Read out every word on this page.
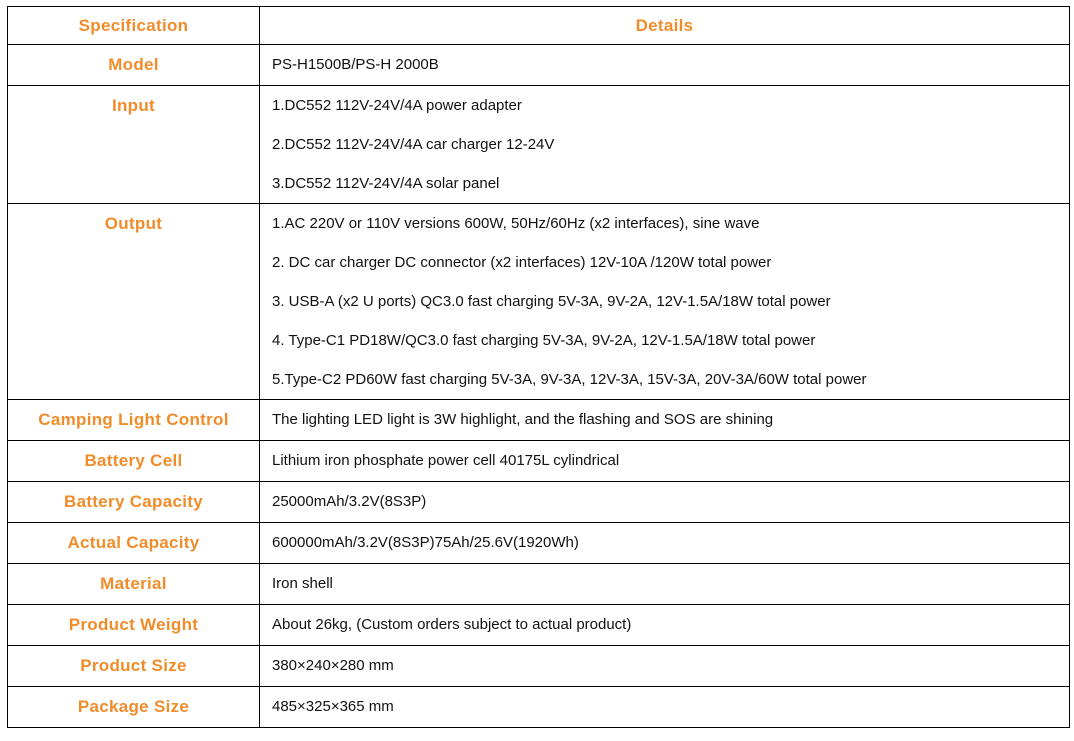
Specification	Details
Model	PS-H1500B/PS-H 2000B

Input	1.DC552 112V-24V/4A power adapter
2.DC552 112V-24V/4A car charger 12-24V
3.DC552 112V-24V/4A solar panel

Output	1.AC 220V or 110V versions 600W, 50Hz/60Hz (x2 interfaces), sine wave
2. DC car charger DC connector (x2 interfaces) 12V-10A /120W total power
3. USB-A (x2 U ports) QC3.0 fast charging 5V-3A, 9V-2A, 12V-1.5A/18W total power
4. Type-C1 PD18W/QC3.0 fast charging 5V-3A, 9V-2A, 12V-1.5A/18W total power
5.Type-C2 PD60W fast charging 5V-3A, 9V-3A, 12V-3A, 15V-3A, 20V-3A/60W total power

Camping Light Control	The lighting LED light is 3W highlight, and the flashing and SOS are shining

Battery Cell	Lithium iron phosphate power cell 40175L cylindrical

Battery Capacity	25000mAh/3.2V(8S3P)

Actual Capacity	600000mAh/3.2V(8S3P)75Ah/25.6V(1920Wh)

Material	Iron shell

Product Weight	About 26kg, (Custom orders subject to actual product)

Product Size	380×240×280 mm

Package Size	485×325×365 mm
